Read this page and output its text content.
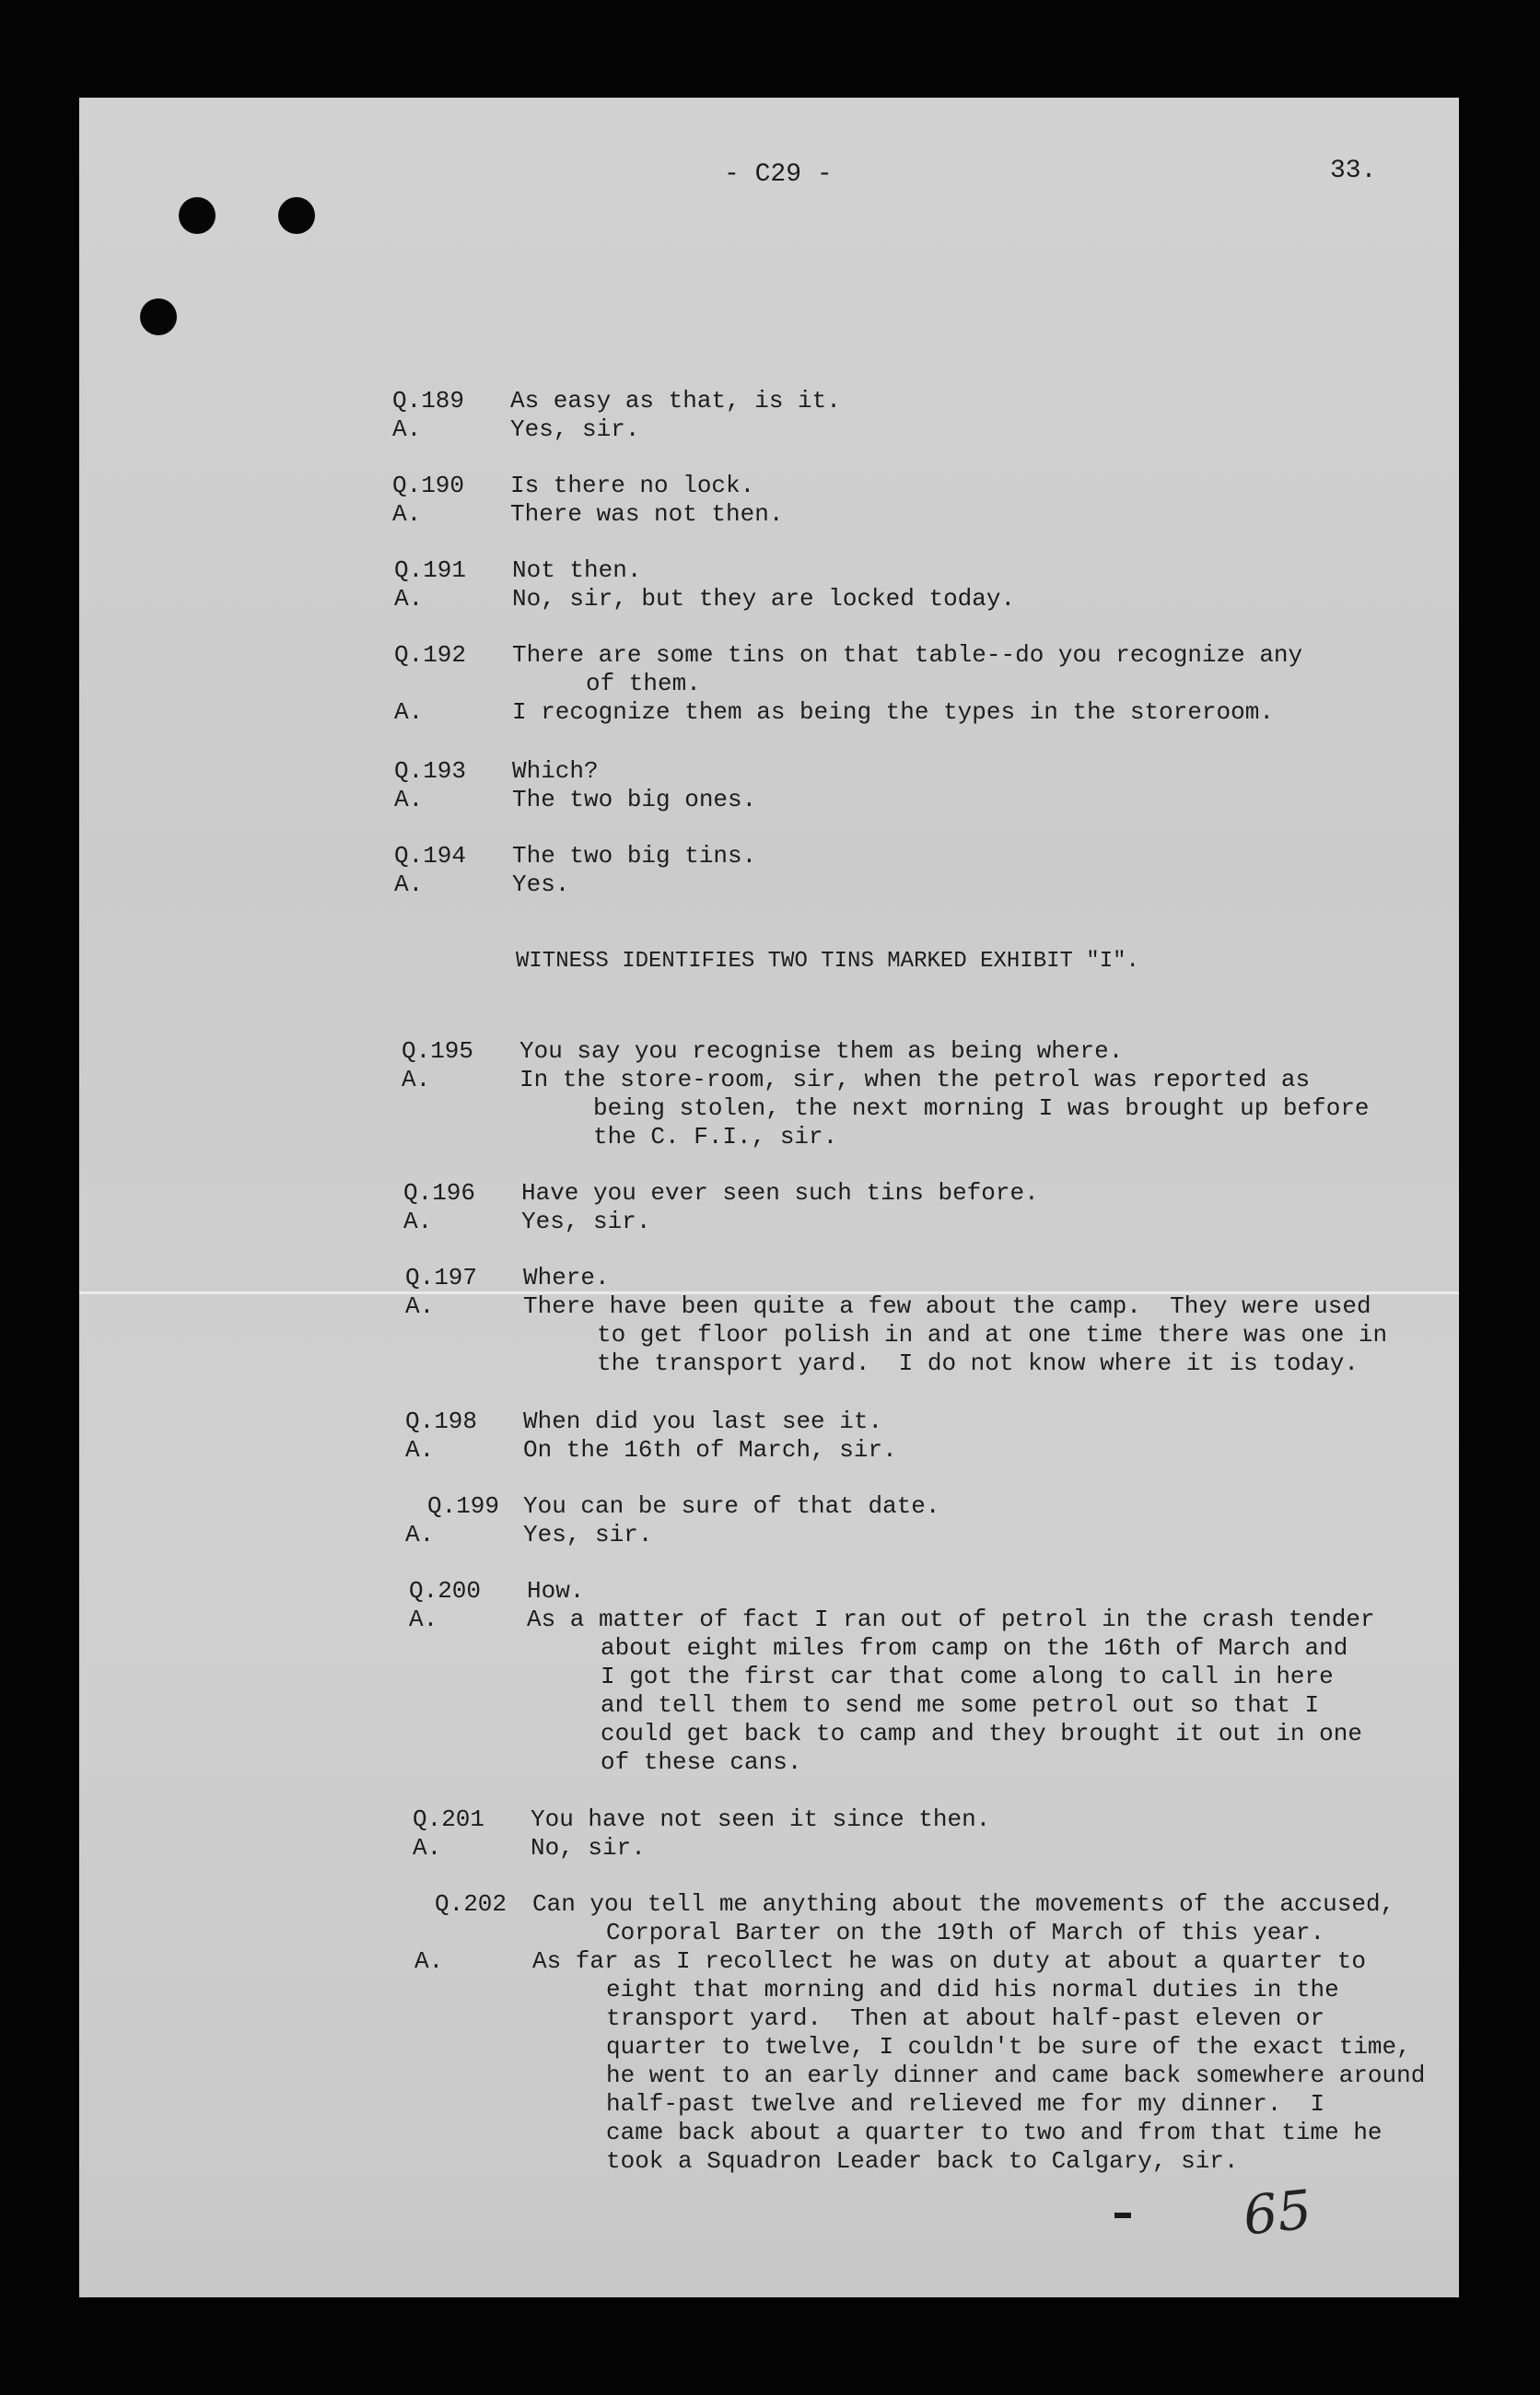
- C29 -	33.
Q.189	As easy as that, is it.
A.	Yes, sir.
Q.190	Is there no lock.
A.	There was not then.
Q.191	Not then.
A.	No, sir, but they are locked today.
Q.192	There are some tins on that table--do you recognize any
of them.
A.	I recognize them as being the types in the storeroom.
Q.193	Which?
A.	The two big ones.
Q.194	The two big tins.
A.	Yes.
WITNESS IDENTIFIES TWO TINS MARKED EXHIBIT "I".
Q.195	You say you recognise them as being where.
A.	In the store-room, sir, when the petrol was reported as
being stolen, the next morning I was brought up before
the C. F.I., sir.
Q.196	Have you ever seen such tins before.
A.	Yes, sir.
Q.197	Where.
A.	There have been quite a few about the camp.  They were used
to get floor polish in and at one time there was one in
the transport yard.  I do not know where it is today.
Q.198	When did you last see it.
A.	On the 16th of March, sir.
Q.199 You can be sure of that date.
A.	Yes, sir.
Q.200	How.
A.	As a matter of fact I ran out of petrol in the crash tender
about eight miles from camp on the 16th of March and
I got the first car that come along to call in here
and tell them to send me some petrol out so that I
could get back to camp and they brought it out in one
of these cans.
Q.201	You have not seen it since then.
A.	No, sir.
Q.202	Can you tell me anything about the movements of the accused,
Corporal Barter on the 19th of March of this year.
A.	As far as I recollect he was on duty at about a quarter to
eight that morning and did his normal duties in the
transport yard.  Then at about half-past eleven or
quarter to twelve, I couldn't be sure of the exact time,
he went to an early dinner and came back somewhere around
half-past twelve and relieved me for my dinner.  I
came back about a quarter to two and from that time he
took a Squadron Leader back to Calgary, sir.
65
